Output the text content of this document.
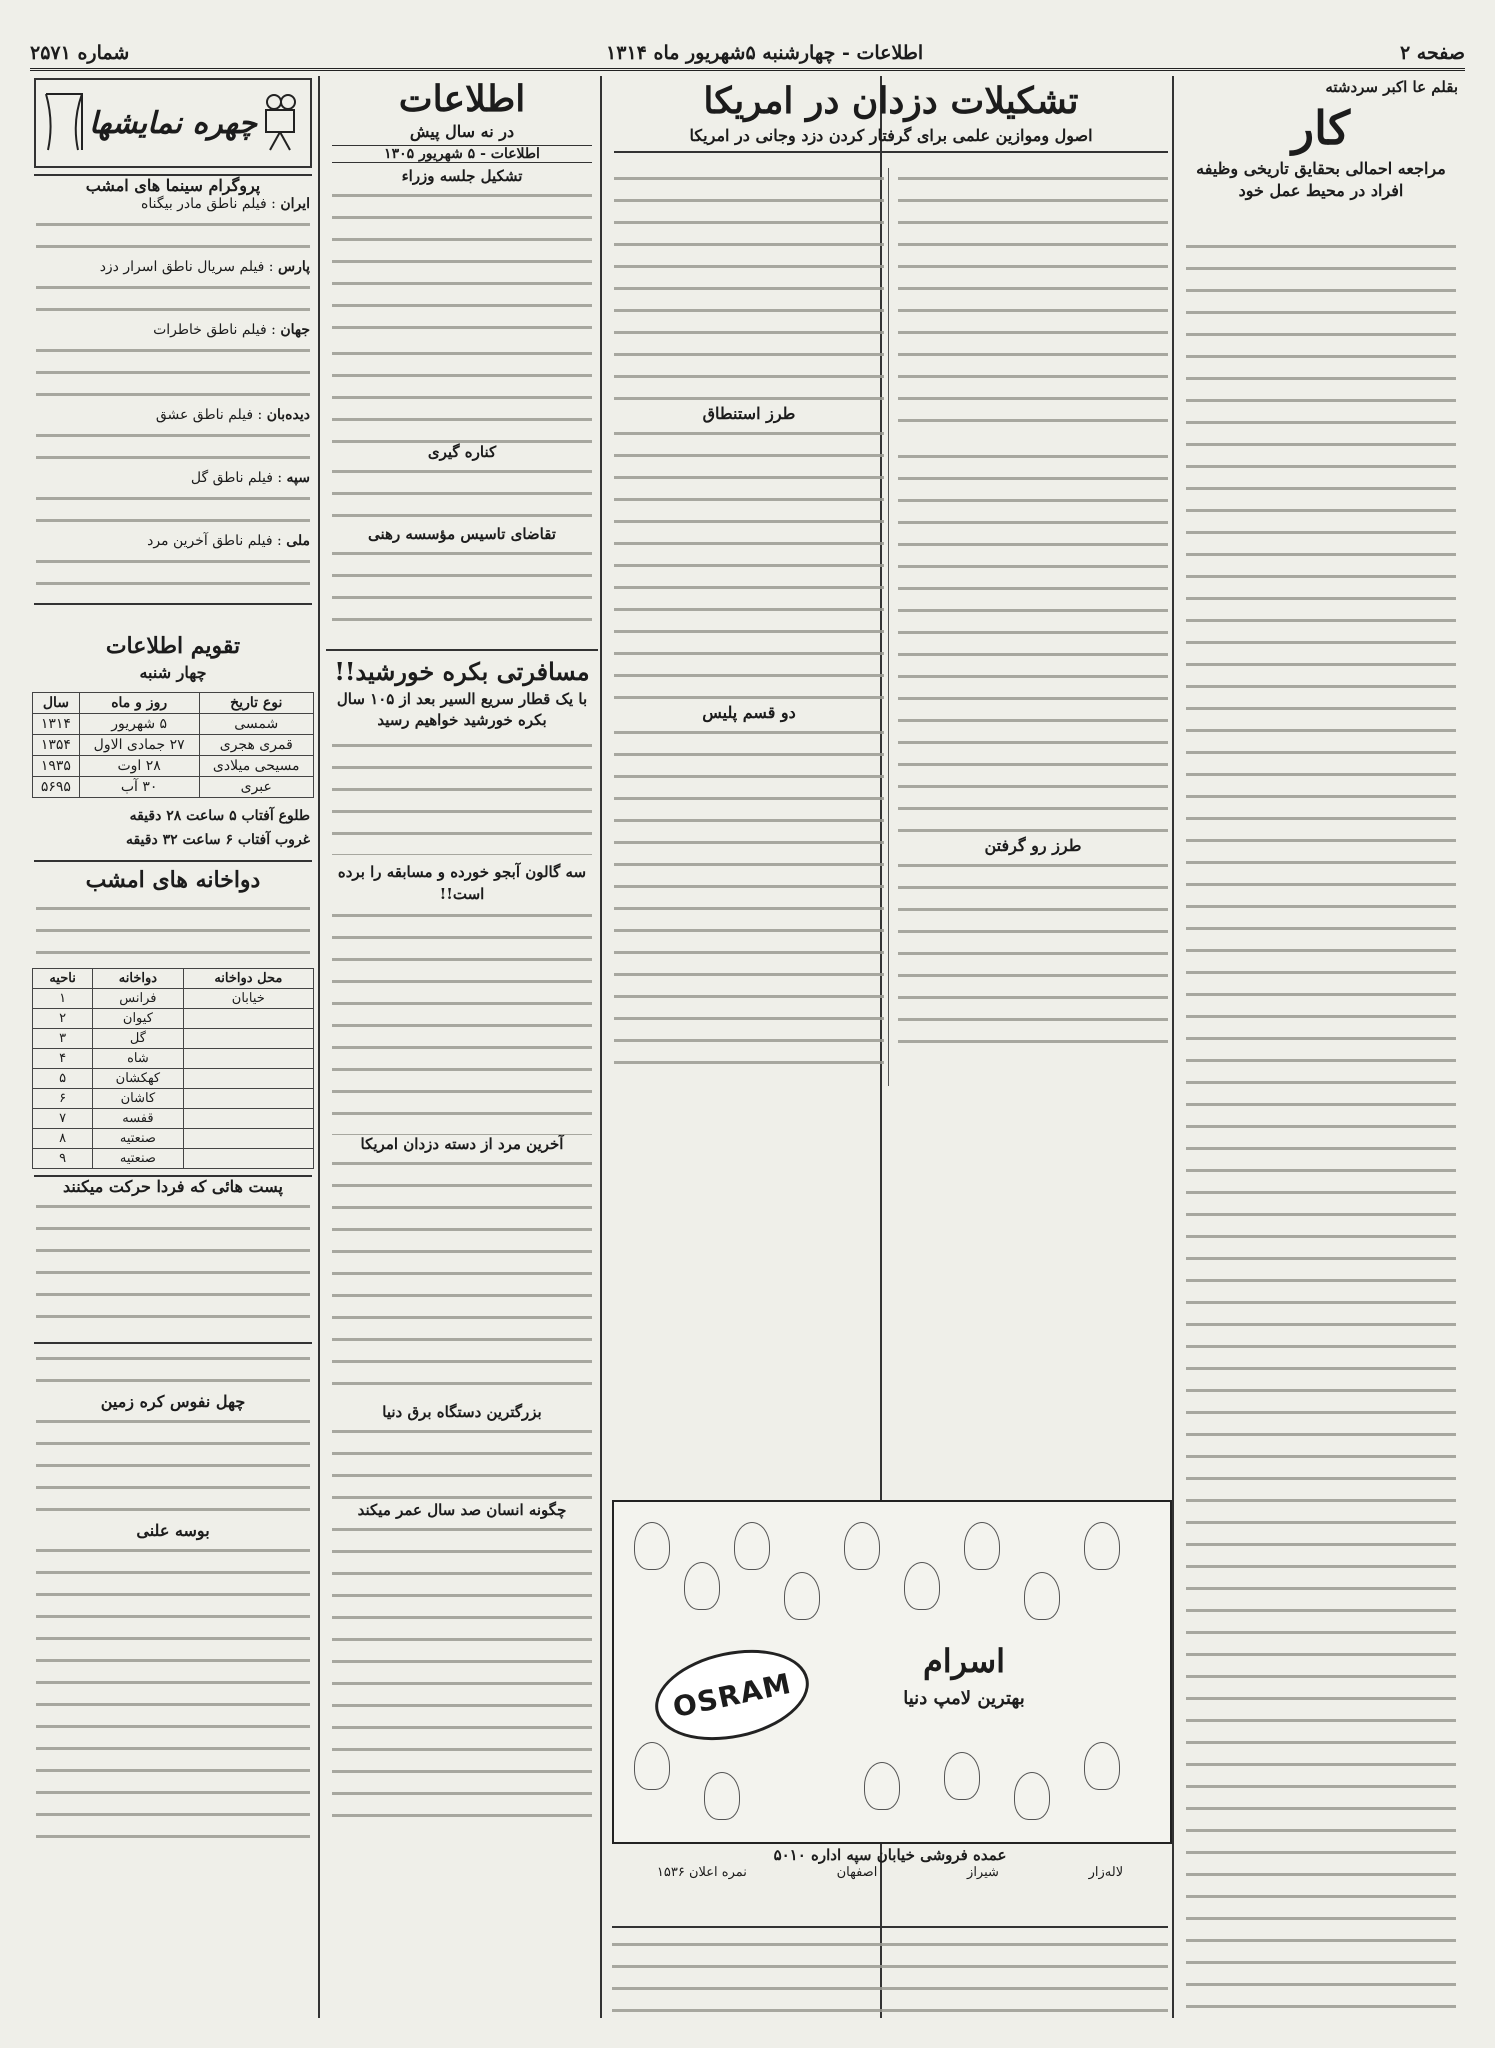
صفحه ۲
اطلاعات - چهارشنبه ۵شهریور ماه ۱۳۱۴
شماره ۲۵۷۱
بقلم عا اکبر سردشته
کار
مراجعه احمالی بحقایق تاریخی وظیفه افراد در محیط عمل خود
تشکیلات دزدان در امریکا
اصول وموازین علمی برای گرفتار کردن دزد وجانی در امریکا
طرز رو گرفتن
طرز استنطاق
دو قسم پلیس
OSRAM
اسرام
بهترین لامپ دنیا
عمده فروشی خیابان سپه اداره ۵۰۱۰
لاله‌زار
شیراز
اصفهان
نمره اعلان ۱۵۳۶
اطلاعات
در نه سال پیش
اطلاعات - ۵ شهریور ۱۳۰۵
تشکیل جلسه وزراء
کناره گیری
تقاضای تاسیس مؤسسه رهنی
مسافرتی بکره خورشید!!
با یک قطار سریع السیر بعد از ۱۰۵ سال بکره خورشید خواهیم رسید
سه گالون آبجو خورده و مسابقه را برده است!!
آخرین مرد از دسته دزدان امریکا
بزرگترین دستگاه برق دنیا
چگونه انسان صد سال عمر میکند
چهره نمایشها
پروگرام سینما های امشب
ایران : فیلم ناطق مادر بیگناه
پارس : فیلم سریال ناطق اسرار دزد
جهان : فیلم ناطق خاطرات
دیده‌بان : فیلم ناطق عشق
سپه : فیلم ناطق گل
ملی : فیلم ناطق آخرین مرد
تقویم اطلاعات
چهار شنبه
نوع تاریخ	روز و ماه	سال
شمسی	۵ شهریور	۱۳۱۴
قمری هجری	۲۷ جمادی الاول	۱۳۵۴
مسیحی میلادی	۲۸ اوت	۱۹۳۵
عبری	۳۰ آب	۵۶۹۵
طلوع آفتاب ۵ ساعت ۲۸ دقیقه
غروب آفتاب ۶ ساعت ۳۲ دقیقه
دواخانه های امشب
محل دواخانه	دواخانه	ناحیه
خیابان	فرانس	۱
	کیوان	۲
	گل	۳
	شاه	۴
	کهکشان	۵
	کاشان	۶
	قفسه	۷
	صنعتیه	۸
	صنعتیه	۹
پست هائی که فردا حرکت میکنند
چهل نفوس کره زمین
بوسه علنی
